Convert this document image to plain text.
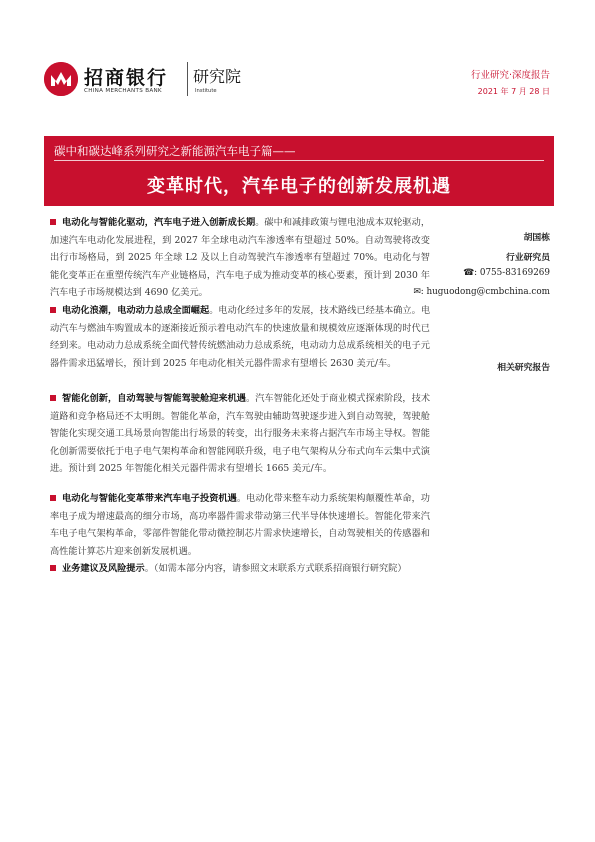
招商银行
CHINA MERCHANTS BANK
研究院
Institute
行业研究·深度报告
2021 年 7 月 28 日
碳中和碳达峰系列研究之新能源汽车电子篇——
变革时代，汽车电子的创新发展机遇
电动化与智能化驱动，汽车电子进入创新成长期。碳中和减排政策与锂电池成本双轮驱动，加速汽车电动化发展进程，到 2027 年全球电动汽车渗透率有望超过 50%。自动驾驶将改变出行市场格局，到 2025 年全球 L2 及以上自动驾驶汽车渗透率有望超过 70%。电动化与智能化变革正在重塑传统汽车产业链格局，汽车电子成为推动变革的核心要素，预计到 2030 年汽车电子市场规模达到 4690 亿美元。
电动化浪潮，电动动力总成全面崛起。电动化经过多年的发展，技术路线已经基本确立。电动汽车与燃油车购置成本的逐渐接近预示着电动汽车的快速放量和规模效应逐渐体现的时代已经到来。电动动力总成系统全面代替传统燃油动力总成系统，电动动力总成系统相关的电子元器件需求迅猛增长，预计到 2025 年电动化相关元器件需求有望增长 2630 美元/车。
智能化创新，自动驾驶与智能驾驶舱迎来机遇。汽车智能化还处于商业模式探索阶段，技术道路和竞争格局还不太明朗。智能化革命，汽车驾驶由辅助驾驶逐步进入到自动驾驶，驾驶舱智能化实现交通工具场景向智能出行场景的转变，出行服务未来将占据汽车市场主导权。智能化创新需要依托于电子电气架构革命和智能网联升级，电子电气架构从分布式向车云集中式演进。预计到 2025 年智能化相关元器件需求有望增长 1665 美元/车。
电动化与智能化变革带来汽车电子投资机遇。电动化带来整车动力系统架构颠覆性革命，功率电子成为增速最高的细分市场，高功率器件需求带动第三代半导体快速增长。智能化带来汽车电子电气架构革命，零部件智能化带动微控制芯片需求快速增长，自动驾驶相关的传感器和高性能计算芯片迎来创新发展机遇。
业务建议及风险提示。（如需本部分内容，请参照文末联系方式联系招商银行研究院）
胡国栋
行业研究员
☎: 0755-83169269
✉: huguodong@cmbchina.com
相关研究报告
